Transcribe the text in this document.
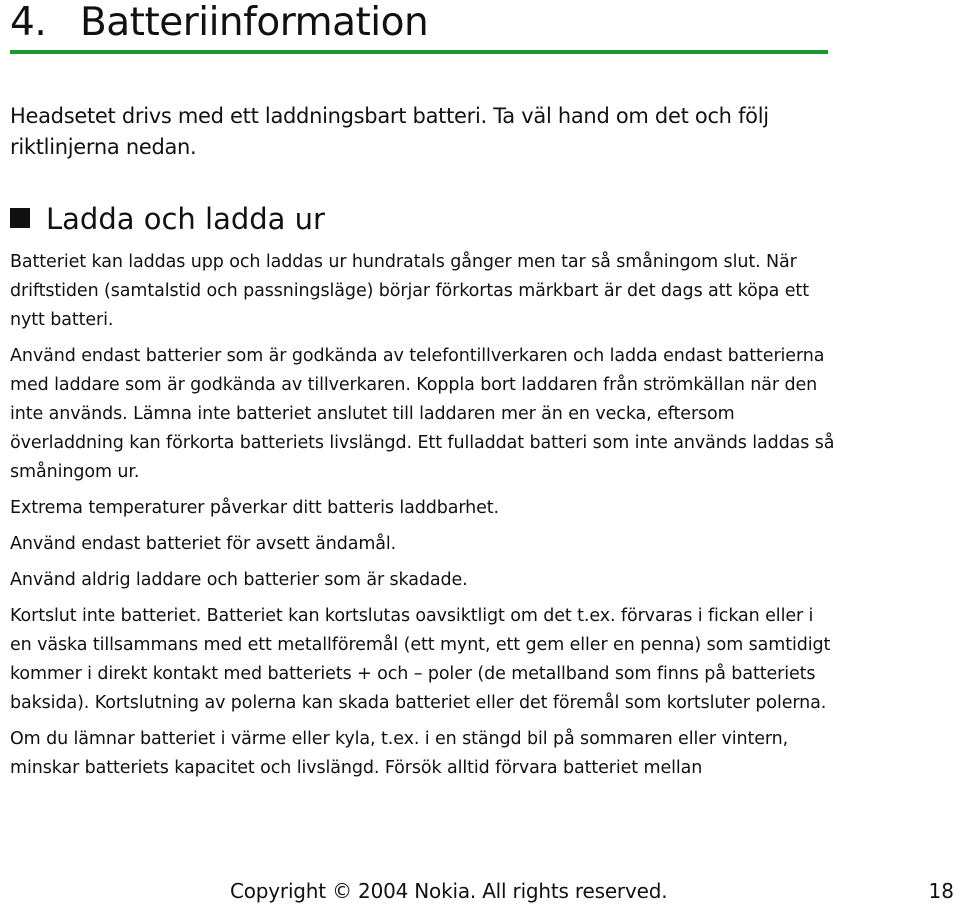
4. Batteriinformation

Headsetet drivs med ett laddningsbart batteri. Ta väl hand om det och följ riktlinjerna nedan.

Ladda och ladda ur

Batteriet kan laddas upp och laddas ur hundratals gånger men tar så småningom slut. När driftstiden (samtalstid och passningsläge) börjar förkortas märkbart är det dags att köpa ett nytt batteri.

Använd endast batterier som är godkända av telefontillverkaren och ladda endast batterierna med laddare som är godkända av tillverkaren. Koppla bort laddaren från strömkällan när den inte används. Lämna inte batteriet anslutet till laddaren mer än en vecka, eftersom överladdning kan förkorta batteriets livslängd. Ett fulladdat batteri som inte används laddas så småningom ur.

Extrema temperaturer påverkar ditt batteris laddbarhet.

Använd endast batteriet för avsett ändamål.

Använd aldrig laddare och batterier som är skadade.

Kortslut inte batteriet. Batteriet kan kortslutas oavsiktligt om det t.ex. förvaras i fickan eller i en väska tillsammans med ett metallföremål (ett mynt, ett gem eller en penna) som samtidigt kommer i direkt kontakt med batteriets + och – poler (de metallband som finns på batteriets baksida). Kortslutning av polerna kan skada batteriet eller det föremål som kortsluter polerna.

Om du lämnar batteriet i värme eller kyla, t.ex. i en stängd bil på sommaren eller vintern, minskar batteriets kapacitet och livslängd. Försök alltid förvara batteriet mellan

Copyright © 2004 Nokia. All rights reserved.	18
